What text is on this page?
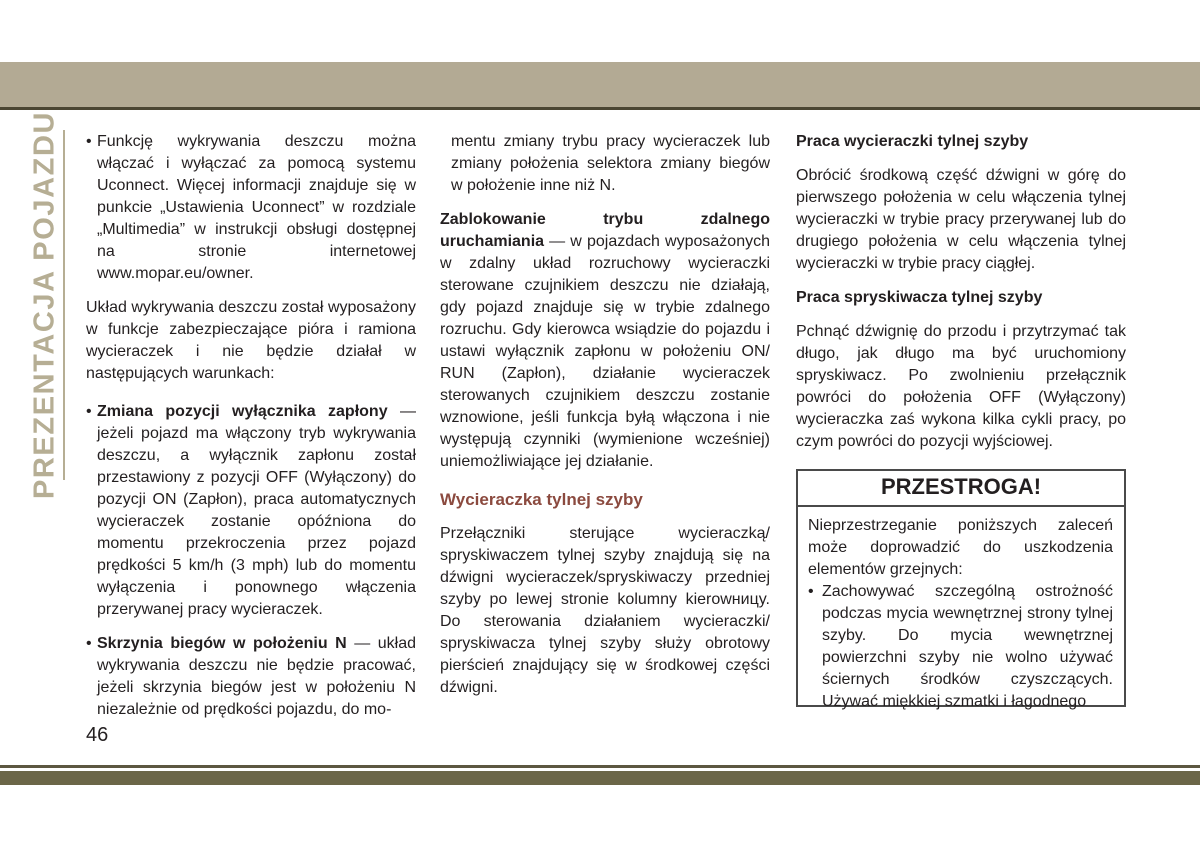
PREZENTACJA POJAZDU • Funkcję wykrywania deszczu można włączać i wyłączać za pomocą systemu Uconnect. Więcej informacji znajduje się w punkcie „Ustawienia Uconnect” w rozdziale „Multimedia” w instrukcji obsługi dostępnej na stronie internetowej www.mopar.eu/owner.

Układ wykrywania deszczu został wyposażony w funkcje zabezpieczające pióra i ramiona wycieraczek i nie będzie działał w następujących warunkach:

• Zmiana pozycji wyłącznika zapłony — jeżeli pojazd ma włączony tryb wykrywania deszczu, a wyłącznik zapłonu został przestawiony z pozycji OFF (Wyłączony) do pozycji ON (Zapłon), praca automatycznych wycieraczek zostanie opóźniona do momentu przekroczenia przez pojazd prędkości 5 km/h (3 mph) lub do momentu wyłączenia i ponownego włączenia przerywanej pracy wycieraczek.
• Skrzynia biegów w położeniu N — układ wykrywania deszczu nie będzie pracować, jeżeli skrzynia biegów jest w położeniu N niezależnie od prędkości pojazdu, do mo-

mentu zmiany trybu pracy wycieraczek lub zmiany położenia selektora zmiany biegów w położenie inne niż N.

Zablokowanie trybu zdalnego uruchamiania — w pojazdach wyposażonych w zdalny układ rozruchowy wycieraczki sterowane czujnikiem deszczu nie działają, gdy pojazd znajduje się w trybie zdalnego rozruchu. Gdy kierowca wsiądzie do pojazdu i ustawi wyłącznik zapłonu w położeniu ON/ RUN (Zapłon), działanie wycieraczek sterowanych czujnikiem deszczu zostanie wznowione, jeśli funkcja byłą włączona i nie występują czynniki (wymienione wcześniej) uniemożliwiające jej działanie.

Wycieraczka tylnej szyby

Przełączniki sterujące wycieraczką/ spryskiwaczem tylnej szyby znajdują się na dźwigni wycieraczek/spryskiwaczy przedniej szyby po lewej stronie kolumny kierowницy. Do sterowania działaniem wycieraczki/ spryskiwacza tylnej szyby służy obrotowy pierścień znajdujący się w środkowej części dźwigni.

Praca wycieraczki tylnej szyby

Obrócić środkową część dźwigni w górę do pierwszego położenia w celu włączenia tylnej wycieraczki w trybie pracy przerywanej lub do drugiego położenia w celu włączenia tylnej wycieraczki w trybie pracy ciągłej.

Praca spryskiwacza tylnej szyby

Pchnąć dźwignię do przodu i przytrzymać tak długo, jak długo ma być uruchomiony spryskiwacz. Po zwolnieniu przełącznik powróci do położenia OFF (Wyłączony) wycieraczka zaś wykona kilka cykli pracy, po czym powróci do pozycji wyjściowej.

PRZESTROGA!

Nieprzestrzeganie poniższych zaleceń może doprowadzić do uszkodzenia elementów grzejnych:

• Zachowywać szczególną ostrożność podczas mycia wewnętrznej strony tylnej szyby. Do mycia wewnętrznej powierzchni szyby nie wolno używać ściernych środków czyszczących. Używać miękkiej szmatki i łagodnego
46
